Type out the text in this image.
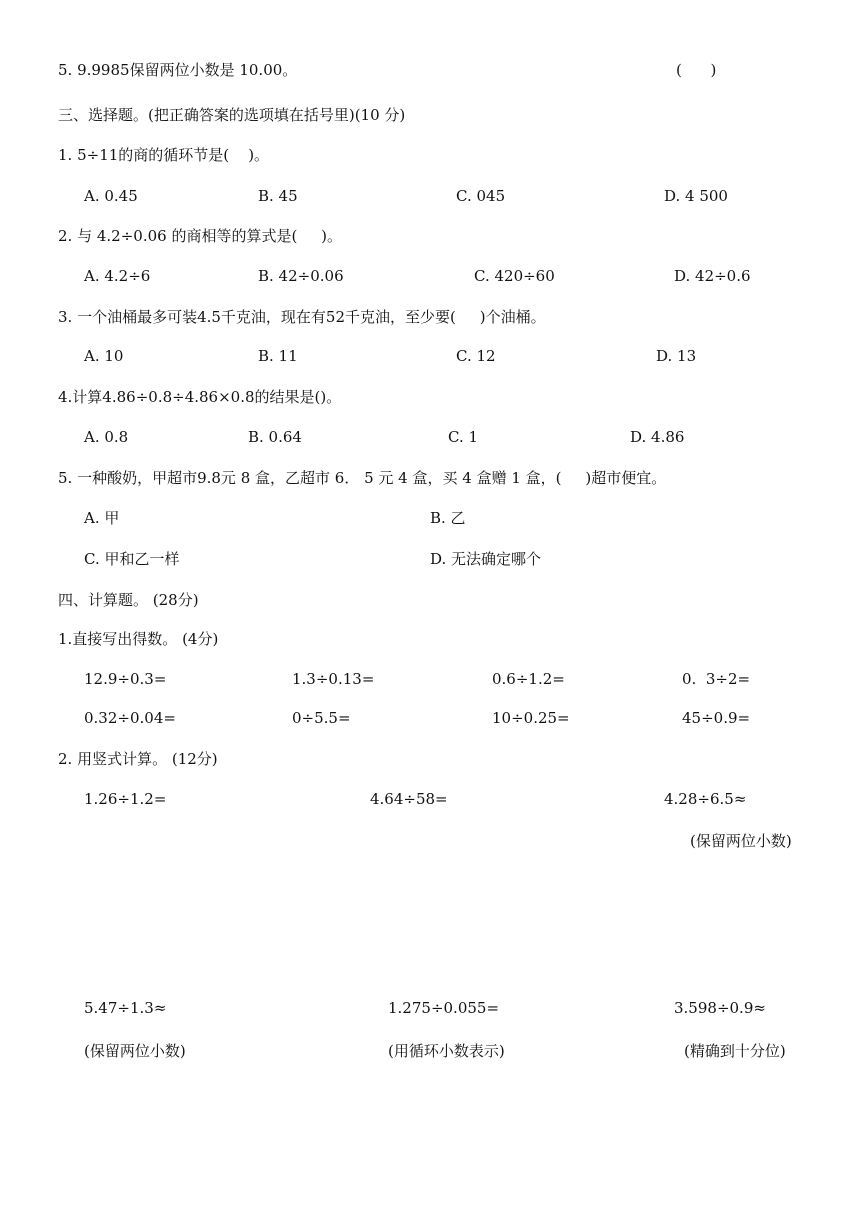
5. 9.9985保留两位小数是 10.00。	(      )
三、选择题。(把正确答案的选项填在括号里)(10 分)
1. 5÷11的商的循环节是(    )。
A. 0.45	B. 45	C. 045	D. 4 500
2. 与 4.2÷0.06 的商相等的算式是(     )。
A. 4.2÷6	B. 42÷0.06	C. 420÷60	D. 42÷0.6
3. 一个油桶最多可装4.5千克油，现在有52千克油，至少要(     )个油桶。
A. 10	B. 11	C. 12	D. 13
4.计算4.86÷0.8÷4.86×0.8的结果是()。
A. 0.8	B. 0.64	C. 1	D. 4.86
5. 一种酸奶，甲超市9.8元 8 盒，乙超市 6． 5 元 4 盒，买 4 盒赠 1 盒，(     )超市便宜。
A. 甲	B. 乙
C. 甲和乙一样	D. 无法确定哪个
四、计算题。 (28分)
1.直接写出得数。 (4分)
12.9÷0.3=	1.3÷0.13=	0.6÷1.2=	0.  3÷2=
0.32÷0.04=	0÷5.5=	10÷0.25=	45÷0.9=
2. 用竖式计算。 (12分)
1.26÷1.2=	4.64÷58=	4.28÷6.5≈
(保留两位小数)
5.47÷1.3≈	1.275÷0.055=	3.598÷0.9≈
(保留两位小数)	(用循环小数表示)	(精确到十分位)
